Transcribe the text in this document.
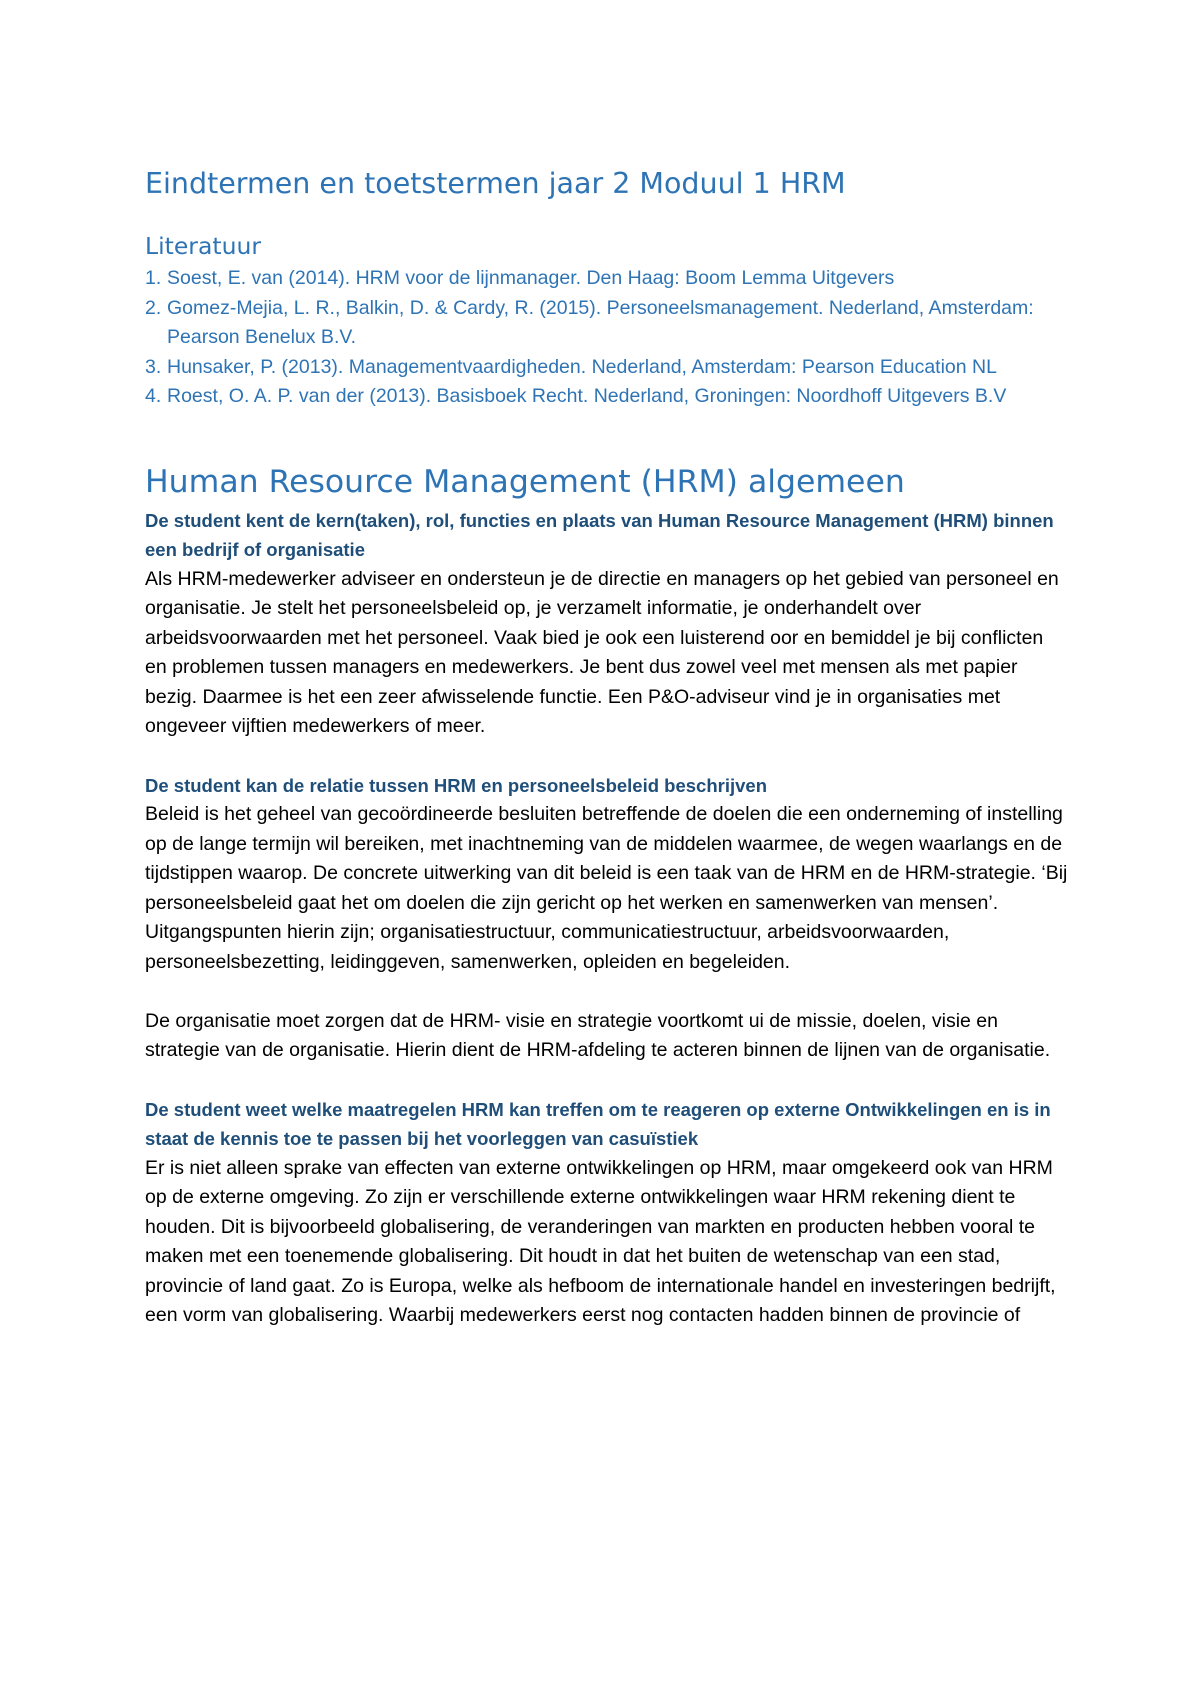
Eindtermen en toetstermen jaar 2 Moduul 1 HRM
Literatuur
1. Soest, E. van (2014). HRM voor de lijnmanager. Den Haag: Boom Lemma Uitgevers
2. Gomez-Mejia, L. R., Balkin, D. & Cardy, R. (2015). Personeelsmanagement. Nederland, Amsterdam: Pearson Benelux B.V.
3. Hunsaker, P. (2013). Managementvaardigheden. Nederland, Amsterdam: Pearson Education NL
4. Roest, O. A. P. van der (2013). Basisboek Recht. Nederland, Groningen: Noordhoff Uitgevers B.V
Human Resource Management (HRM) algemeen
De student kent de kern(taken), rol, functies en plaats van Human Resource Management (HRM) binnen een bedrijf of organisatie

Als HRM-medewerker adviseer en ondersteun je de directie en managers op het gebied van personeel en organisatie. Je stelt het personeelsbeleid op, je verzamelt informatie, je onderhandelt over arbeidsvoorwaarden met het personeel. Vaak bied je ook een luisterend oor en bemiddel je bij conflicten en problemen tussen managers en medewerkers. Je bent dus zowel veel met mensen als met papier bezig. Daarmee is het een zeer afwisselende functie. Een P&O-adviseur vind je in organisaties met ongeveer vijftien medewerkers of meer.

De student kan de relatie tussen HRM en personeelsbeleid beschrijven

Beleid is het geheel van gecoördineerde besluiten betreffende de doelen die een onderneming of instelling op de lange termijn wil bereiken, met inachtneming van de middelen waarmee, de wegen waarlangs en de tijdstippen waarop. De concrete uitwerking van dit beleid is een taak van de HRM en de HRM-strategie. ‘Bij personeelsbeleid gaat het om doelen die zijn gericht op het werken en samenwerken van mensen’. Uitgangspunten hierin zijn; organisatiestructuur, communicatiestructuur, arbeidsvoorwaarden, personeelsbezetting, leidinggeven, samenwerken, opleiden en begeleiden.

De organisatie moet zorgen dat de HRM- visie en strategie voortkomt ui de missie, doelen, visie en strategie van de organisatie. Hierin dient de HRM-afdeling te acteren binnen de lijnen van de organisatie.

De student weet welke maatregelen HRM kan treffen om te reageren op externe Ontwikkelingen en is in staat de kennis toe te passen bij het voorleggen van casuïstiek

Er is niet alleen sprake van effecten van externe ontwikkelingen op HRM, maar omgekeerd ook van HRM op de externe omgeving. Zo zijn er verschillende externe ontwikkelingen waar HRM rekening dient te houden. Dit is bijvoorbeeld globalisering, de veranderingen van markten en producten hebben vooral te maken met een toenemende globalisering. Dit houdt in dat het buiten de wetenschap van een stad, provincie of land gaat. Zo is Europa, welke als hefboom de internationale handel en investeringen bedrijft, een vorm van globalisering. Waarbij medewerkers eerst nog contacten hadden binnen de provincie of
